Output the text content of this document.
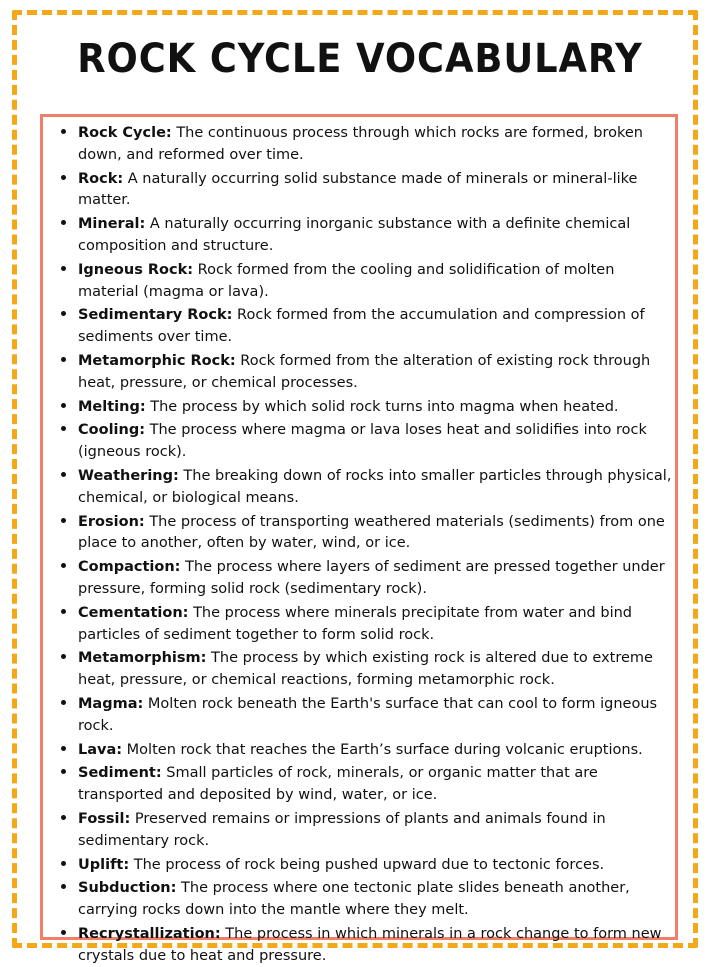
ROCK CYCLE VOCABULARY
• Rock Cycle: The continuous process through which rocks are formed, broken down, and reformed over time.
• Rock: A naturally occurring solid substance made of minerals or mineral-like matter.
• Mineral: A naturally occurring inorganic substance with a definite chemical composition and structure.
• Igneous Rock: Rock formed from the cooling and solidification of molten material (magma or lava).
• Sedimentary Rock: Rock formed from the accumulation and compression of sediments over time.
• Metamorphic Rock: Rock formed from the alteration of existing rock through heat, pressure, or chemical processes.
• Melting: The process by which solid rock turns into magma when heated.
• Cooling: The process where magma or lava loses heat and solidifies into rock (igneous rock).
• Weathering: The breaking down of rocks into smaller particles through physical, chemical, or biological means.
• Erosion: The process of transporting weathered materials (sediments) from one place to another, often by water, wind, or ice.
• Compaction: The process where layers of sediment are pressed together under pressure, forming solid rock (sedimentary rock).
• Cementation: The process where minerals precipitate from water and bind particles of sediment together to form solid rock.
• Metamorphism: The process by which existing rock is altered due to extreme heat, pressure, or chemical reactions, forming metamorphic rock.
• Magma: Molten rock beneath the Earth's surface that can cool to form igneous rock.
• Lava: Molten rock that reaches the Earth’s surface during volcanic eruptions.
• Sediment: Small particles of rock, minerals, or organic matter that are transported and deposited by wind, water, or ice.
• Fossil: Preserved remains or impressions of plants and animals found in sedimentary rock.
• Uplift: The process of rock being pushed upward due to tectonic forces.
• Subduction: The process where one tectonic plate slides beneath another, carrying rocks down into the mantle where they melt.
• Recrystallization: The process in which minerals in a rock change to form new crystals due to heat and pressure.
